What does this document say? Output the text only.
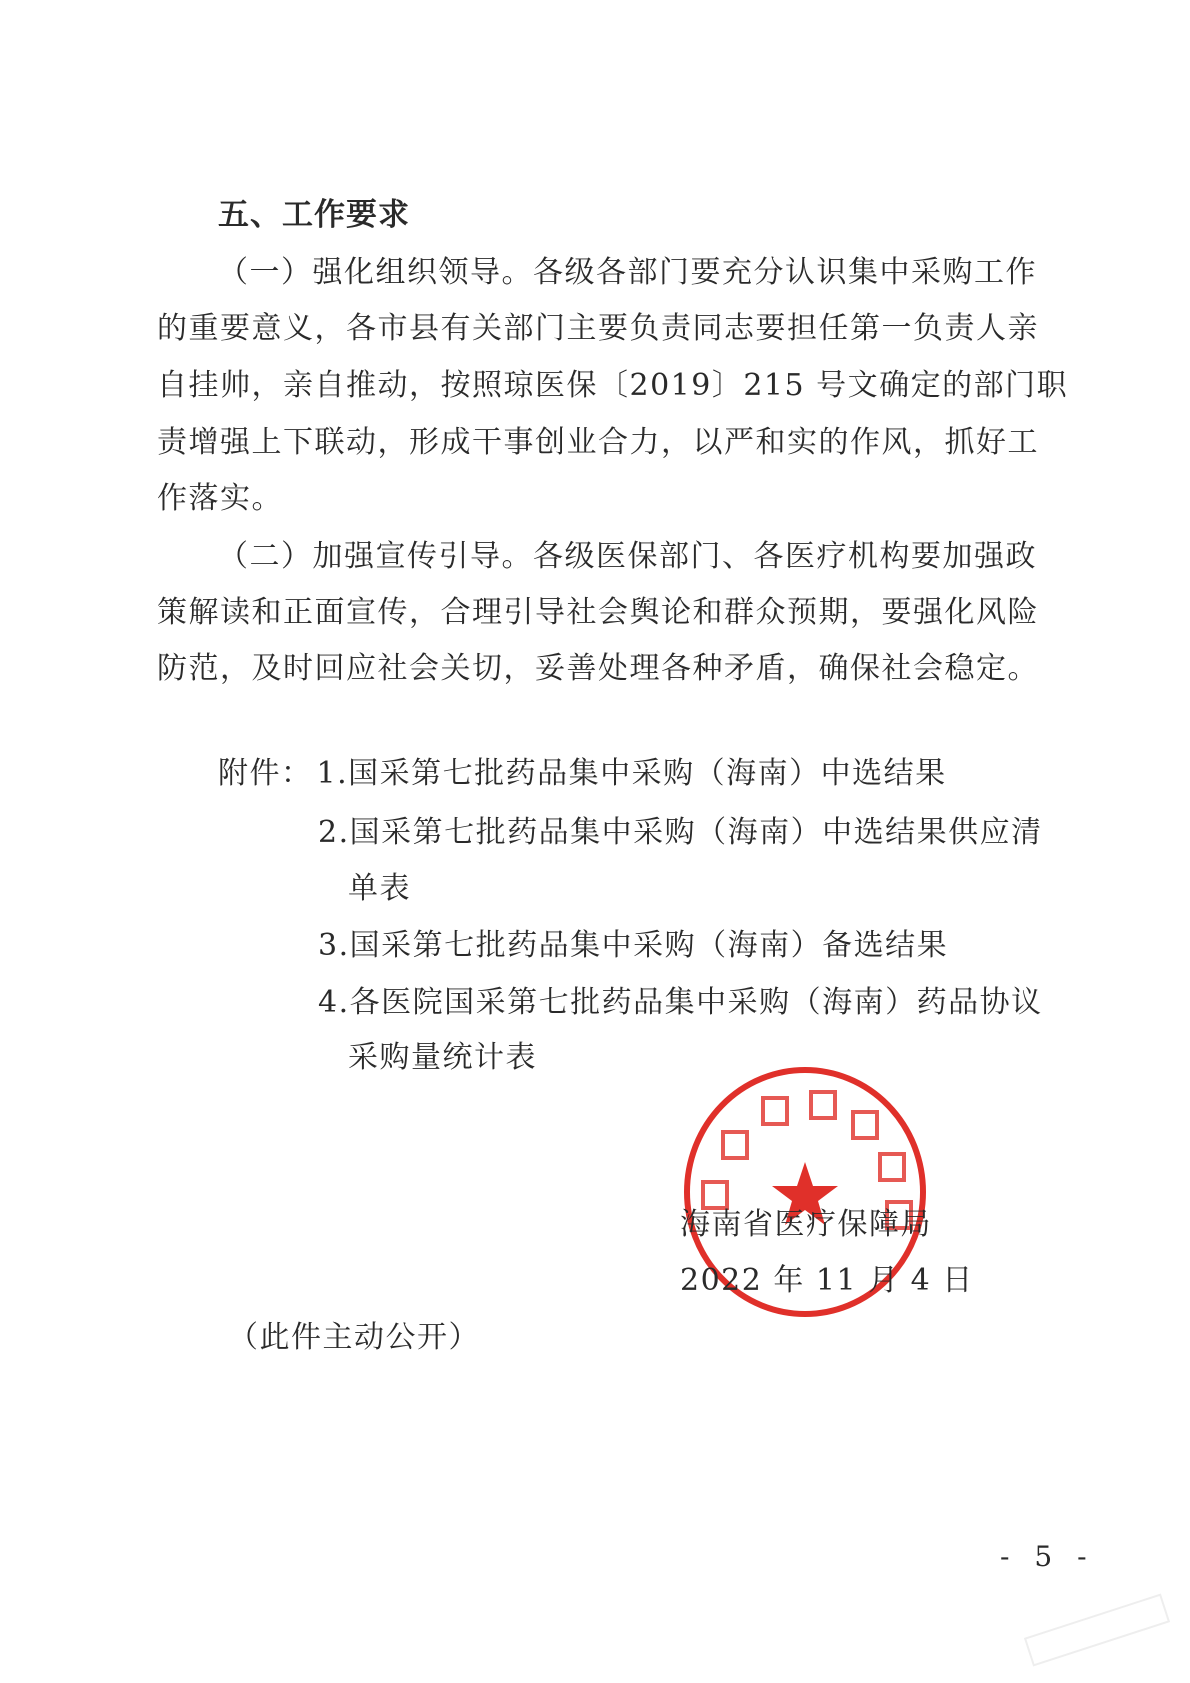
五、工作要求
（一）强化组织领导。各级各部门要充分认识集中采购工作
的重要意义，各市县有关部门主要负责同志要担任第一负责人亲
自挂帅，亲自推动，按照琼医保〔2019〕215 号文确定的部门职
责增强上下联动，形成干事创业合力，以严和实的作风，抓好工
作落实。
（二）加强宣传引导。各级医保部门、各医疗机构要加强政
策解读和正面宣传，合理引导社会舆论和群众预期，要强化风险
防范，及时回应社会关切，妥善处理各种矛盾，确保社会稳定。
附件： 1.国采第七批药品集中采购（海南）中选结果
2.国采第七批药品集中采购（海南）中选结果供应清
单表
3.国采第七批药品集中采购（海南）备选结果
4.各医院国采第七批药品集中采购（海南）药品协议
采购量统计表
海南省医疗保障局
2022 年 11 月 4 日
（此件主动公开）
- 5 -
